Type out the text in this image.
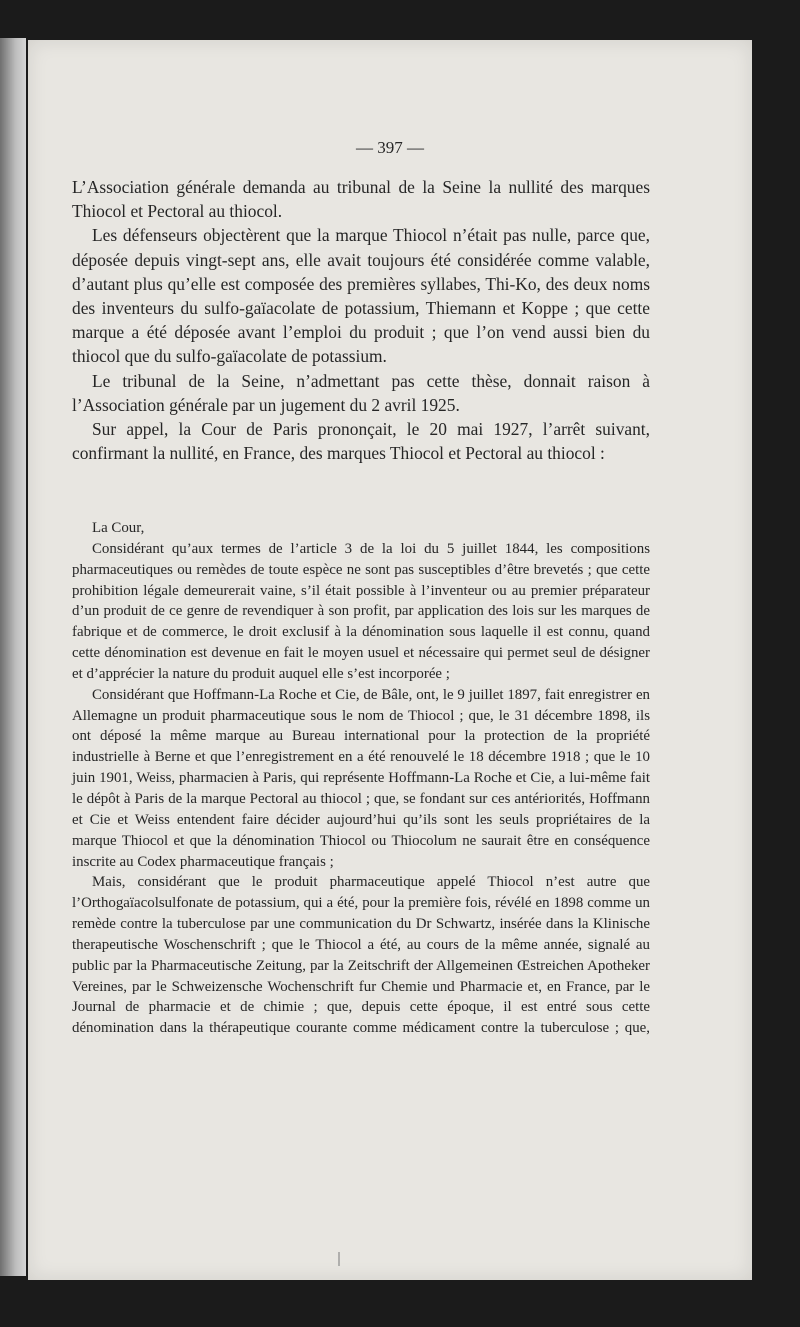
— 397 —

L’Association générale demanda au tribunal de la Seine la nullité des marques Thiocol et Pectoral au thiocol.

Les défenseurs objectèrent que la marque Thiocol n’était pas nulle, parce que, déposée depuis vingt-sept ans, elle avait toujours été considérée comme valable, d’autant plus qu’elle est composée des premières syllabes, Thi-Ko, des deux noms des inventeurs du sulfo-gaïacolate de potassium, Thiemann et Koppe ; que cette marque a été déposée avant l’emploi du produit ; que l’on vend aussi bien du thiocol que du sulfo-gaïacolate de potassium.

Le tribunal de la Seine, n’admettant pas cette thèse, donnait raison à l’Association générale par un jugement du 2 avril 1925.

Sur appel, la Cour de Paris prononçait, le 20 mai 1927, l’arrêt suivant, confirmant la nullité, en France, des marques Thiocol et Pectoral au thiocol :

La Cour,

Considérant qu’aux termes de l’article 3 de la loi du 5 juillet 1844, les compositions pharmaceutiques ou remèdes de toute espèce ne sont pas susceptibles d’être brevetés ; que cette prohibition légale demeurerait vaine, s’il était possible à l’inventeur ou au premier préparateur d’un produit de ce genre de revendiquer à son profit, par application des lois sur les marques de fabrique et de commerce, le droit exclusif à la dénomination sous laquelle il est connu, quand cette dénomination est devenue en fait le moyen usuel et nécessaire qui permet seul de désigner et d’apprécier la nature du produit auquel elle s’est incorporée ;

Considérant que Hoffmann-La Roche et Cie, de Bâle, ont, le 9 juillet 1897, fait enregistrer en Allemagne un produit pharmaceutique sous le nom de Thiocol ; que, le 31 décembre 1898, ils ont déposé la même marque au Bureau international pour la protection de la propriété industrielle à Berne et que l’enregistrement en a été renouvelé le 18 décembre 1918 ; que le 10 juin 1901, Weiss, pharmacien à Paris, qui représente Hoffmann-La Roche et Cie, a lui-même fait le dépôt à Paris de la marque Pectoral au thiocol ; que, se fondant sur ces antériorités, Hoffmann et Cie et Weiss entendent faire décider aujourd’hui qu’ils sont les seuls propriétaires de la marque Thiocol et que la dénomination Thiocol ou Thiocolum ne saurait être en conséquence inscrite au Codex pharmaceutique français ;

Mais, considérant que le produit pharmaceutique appelé Thiocol n’est autre que l’Orthogaïacolsulfonate de potassium, qui a été, pour la première fois, révélé en 1898 comme un remède contre la tuberculose par une communication du Dr Schwartz, insérée dans la Klinische therapeutische Woschenschrift ; que le Thiocol a été, au cours de la même année, signalé au public par la Pharmaceutische Zeitung, par la Zeitschrift der Allgemeinen Œstreichen Apotheker Vereines, par le Schweizensche Wochenschrift fur Chemie und Pharmacie et, en France, par le Journal de pharmacie et de chimie ; que, depuis cette époque, il est entré sous cette dénomination dans la thérapeutique courante comme médicament contre la tuberculose ; que,
